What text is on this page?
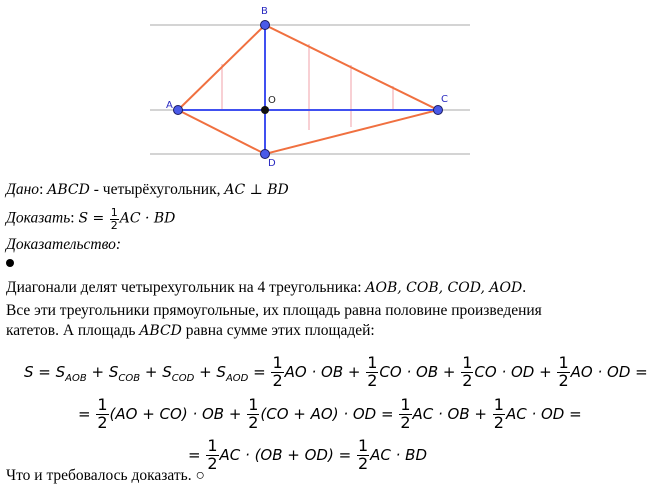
A
B
C
D
O
Дано: ABCD - четырёхугольник, AC ⊥ BD
Доказать: $S = \frac{1}{2}$ AC · BD
Доказательство:
Диагонали делят четырехугольник на 4 треугольника: AOB, COB, COD, AOD.
Все эти треугольники прямоугольные, их площадь равна половине произведения
катетов. А площадь ABCD равна сумме этих площадей:
$S = S_{AOB} + S_{COB} + S_{COD} + S_{AOD} = \frac{1}{2}$ AO · OB + $\frac{1}{2}$ CO · OB + $\frac{1}{2}$ CO · OD + $\frac{1}{2}$ AO · OD =
= $\frac{1}{2} (AO + CO)$ · OB + $\frac{1}{2} (CO + AO)$ · OD = $\frac{1}{2}$ AC · OB + $\frac{1}{2}$ AC · OD =
= $\frac{1}{2}$ AC · $(OB + OD) = \frac{1}{2}$ AC · BD
Что и требовалось доказать. ○
